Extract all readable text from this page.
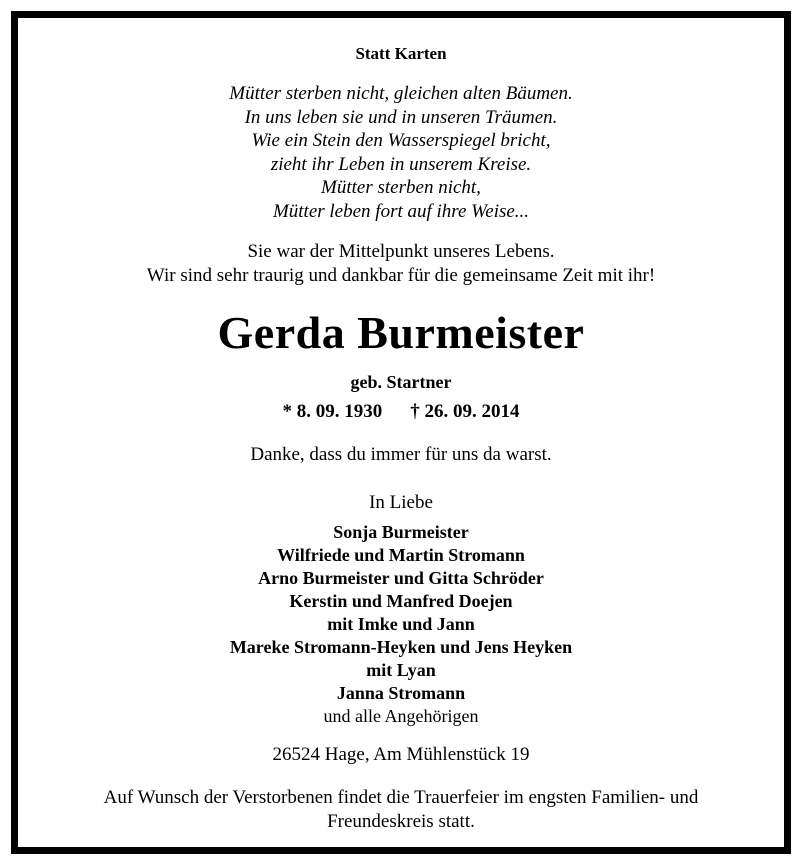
Statt Karten
Mütter sterben nicht, gleichen alten Bäumen.
In uns leben sie und in unseren Träumen.
Wie ein Stein den Wasserspiegel bricht,
zieht ihr Leben in unserem Kreise.
Mütter sterben nicht,
Mütter leben fort auf ihre Weise...
Sie war der Mittelpunkt unseres Lebens.
Wir sind sehr traurig und dankbar für die gemeinsame Zeit mit ihr!
Gerda Burmeister
geb. Startner
* 8. 09. 1930 † 26. 09. 2014
Danke, dass du immer für uns da warst.
In Liebe
Sonja Burmeister
Wilfriede und Martin Stromann
Arno Burmeister und Gitta Schröder
Kerstin und Manfred Doejen
mit Imke und Jann
Mareke Stromann-Heyken und Jens Heyken
mit Lyan
Janna Stromann
und alle Angehörigen
26524 Hage, Am Mühlenstück 19
Auf Wunsch der Verstorbenen findet die Trauerfeier im engsten Familien- und
Freundeskreis statt.
